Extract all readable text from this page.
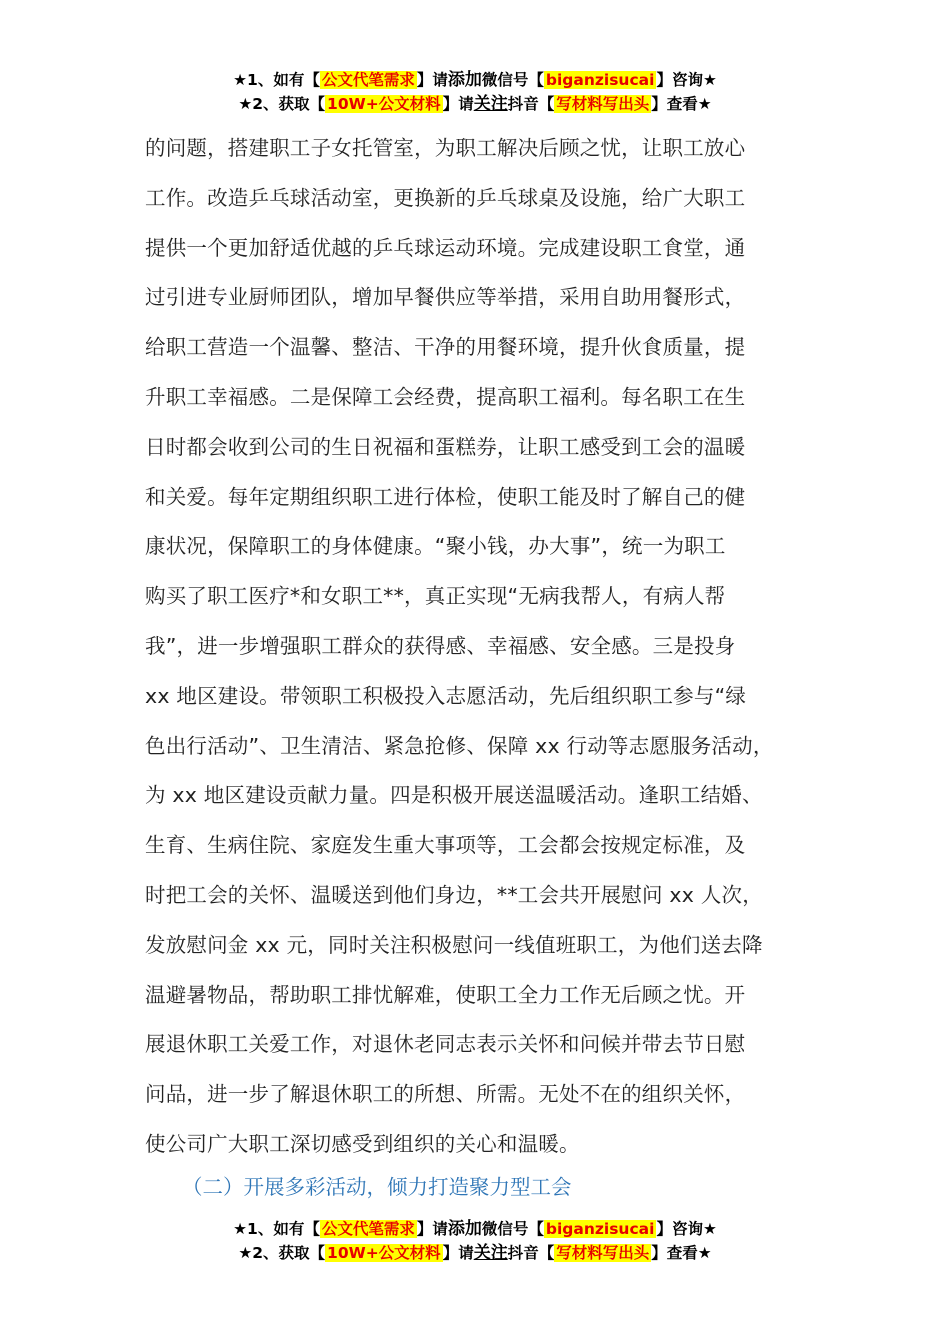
★1、如有【 公文代笔需求 】请添加微信号【 biganzisucai 】咨询★
★2、获取【 10W+公文材料 】请关注抖音【 写材料写出头 】查看★
的问题，搭建职工子女托管室，为职工解决后顾之忧，让职工放心
工作。改造乒乓球活动室，更换新的乒乓球桌及设施，给广大职工
提供一个更加舒适优越的乒乓球运动环境。完成建设职工食堂，通
过引进专业厨师团队，增加早餐供应等举措，采用自助用餐形式，
给职工营造一个温馨、整洁、干净的用餐环境，提升伙食质量，提
升职工幸福感。二是保障工会经费，提高职工福利。每名职工在生
日时都会收到公司的生日祝福和蛋糕券，让职工感受到工会的温暖
和关爱。每年定期组织职工进行体检，使职工能及时了解自己的健
康状况，保障职工的身体健康。“聚小钱，办大事”，统一为职工
购买了职工医疗*和女职工**，真正实现“无病我帮人，有病人帮
我”，进一步增强职工群众的获得感、幸福感、安全感。三是投身
xx 地区建设。带领职工积极投入志愿活动，先后组织职工参与“绿
色出行活动”、卫生清洁、紧急抢修、保障 xx 行动等志愿服务活动，
为 xx 地区建设贡献力量。四是积极开展送温暖活动。逢职工结婚、
生育、生病住院、家庭发生重大事项等，工会都会按规定标准，及
时把工会的关怀、温暖送到他们身边，**工会共开展慰问 xx 人次，
发放慰问金 xx 元，同时关注积极慰问一线值班职工，为他们送去降
温避暑物品，帮助职工排忧解难，使职工全力工作无后顾之忧。开
展退休职工关爱工作，对退休老同志表示关怀和问候并带去节日慰
问品，进一步了解退休职工的所想、所需。无处不在的组织关怀，
使公司广大职工深切感受到组织的关心和温暖。
（二）开展多彩活动，倾力打造聚力型工会
★1、如有【 公文代笔需求 】请添加微信号【 biganzisucai 】咨询★
★2、获取【 10W+公文材料 】请关注抖音【 写材料写出头 】查看★
